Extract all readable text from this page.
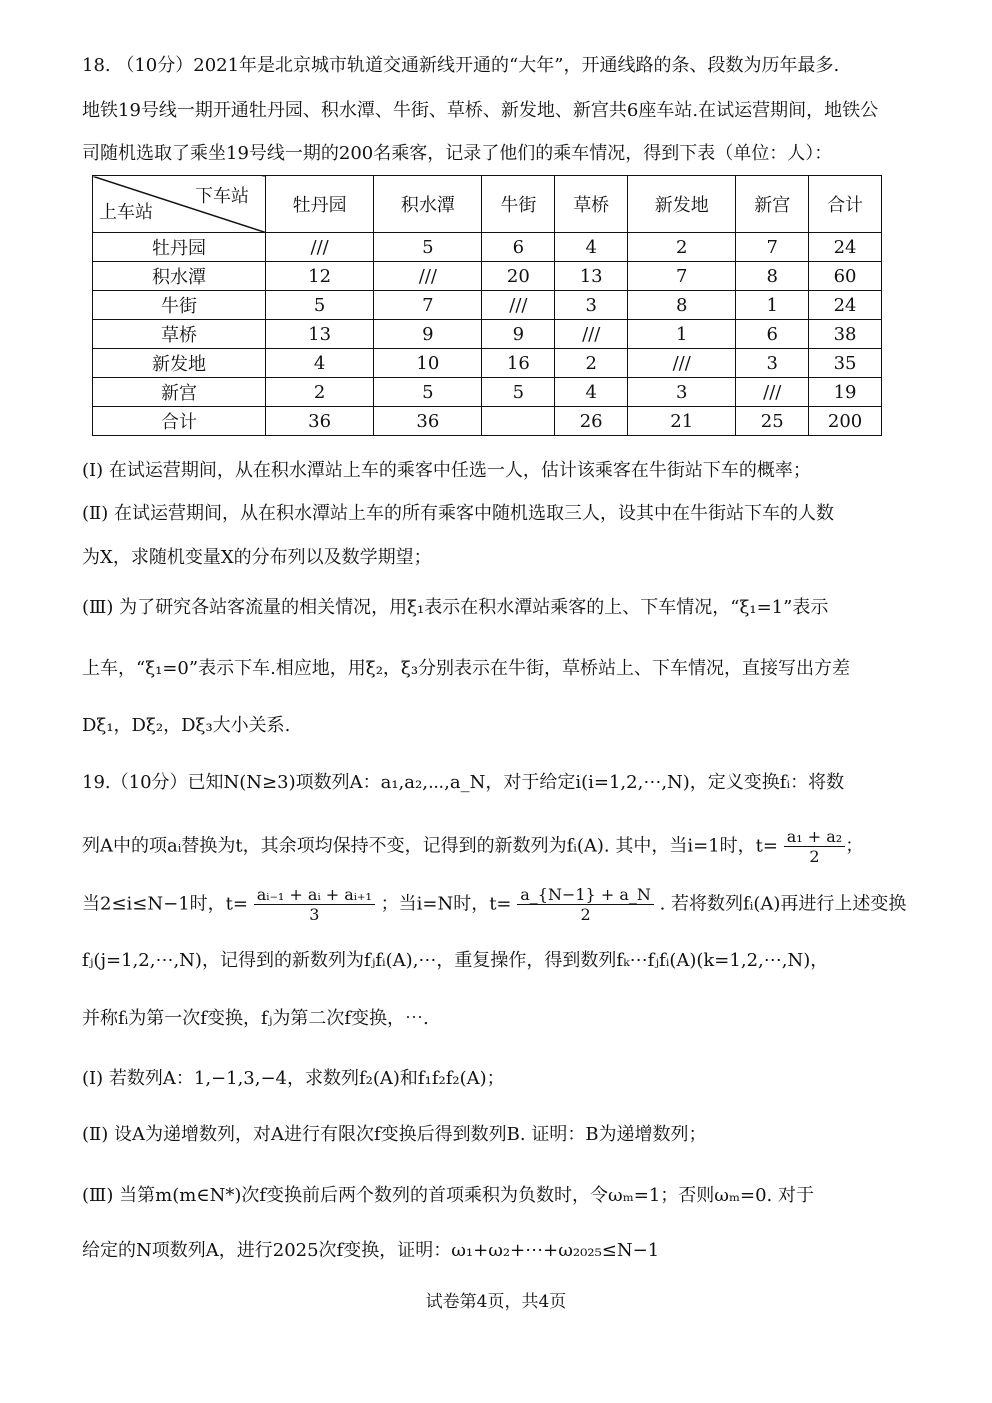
18. （10分）2021年是北京城市轨道交通新线开通的“大年”，开通线路的条、段数为历年最多.
地铁19号线一期开通牡丹园、积水潭、牛街、草桥、新发地、新宫共6座车站.在试运营期间，地铁公
司随机选取了乘坐19号线一期的200名乘客，记录了他们的乘车情况，得到下表（单位：人）：
下车站
上车站	牡丹园	积水潭	牛街	草桥	新发地	新宫	合计
牡丹园	///	5	6	4	2	7	24
积水潭	12	///	20	13	7	8	60
牛街	5	7	///	3	8	1	24
草桥	13	9	9	///	1	6	38
新发地	4	10	16	2	///	3	35
新宫	2	5	5	4	3	///	19
合计	36	36		26	21	25	200
(Ⅰ) 在试运营期间，从在积水潭站上车的乘客中任选一人，估计该乘客在牛街站下车的概率；
(Ⅱ) 在试运营期间，从在积水潭站上车的所有乘客中随机选取三人，设其中在牛街站下车的人数
为X，求随机变量X的分布列以及数学期望；
(Ⅲ) 为了研究各站客流量的相关情况，用ξ₁表示在积水潭站乘客的上、下车情况，“ξ₁=1”表示
上车，“ξ₁=0”表示下车.相应地，用ξ₂，ξ₃分别表示在牛街，草桥站上、下车情况，直接写出方差
Dξ₁，Dξ₂，Dξ₃大小关系.
19.（10分）已知N(N≥3)项数列A：a₁,a₂,⋯,a_N，对于给定i(i=1,2,⋯,N)，定义变换fᵢ：将数
列A中的项aᵢ替换为t，其余项均保持不变，记得到的新数列为fᵢ(A). 其中，当i=1时，$t= \frac{\text{a₁ + a₂}}{2}$ ；
当2≤i≤N−1时，$t= \frac{\text{aᵢ₋₁ + aᵢ + aᵢ₊₁}}{3}$ ；当i=N时，$t= \frac{a\_\{N-1\} + a\_N}{2}$ . 若将数列fᵢ(A)再进行上述变换
fⱼ(j=1,2,⋯,N)，记得到的新数列为fⱼfᵢ(A),⋯，重复操作，得到数列fₖ⋯fⱼfᵢ(A)(k=1,2,⋯,N)，
并称fᵢ为第一次f变换，fⱼ为第二次f变换，⋯.
(Ⅰ) 若数列A：1,−1,3,−4，求数列f₂(A)和f₁f₂f₂(A)；
(Ⅱ) 设A为递增数列，对A进行有限次f变换后得到数列B. 证明：B为递增数列；
(Ⅲ) 当第m(m∈N*)次f变换前后两个数列的首项乘积为负数时，令ωₘ=1；否则ωₘ=0. 对于
给定的N项数列A，进行2025次f变换，证明：ω₁+ω₂+⋯+ω₂₀₂₅≤N−1
试卷第4页，共4页
